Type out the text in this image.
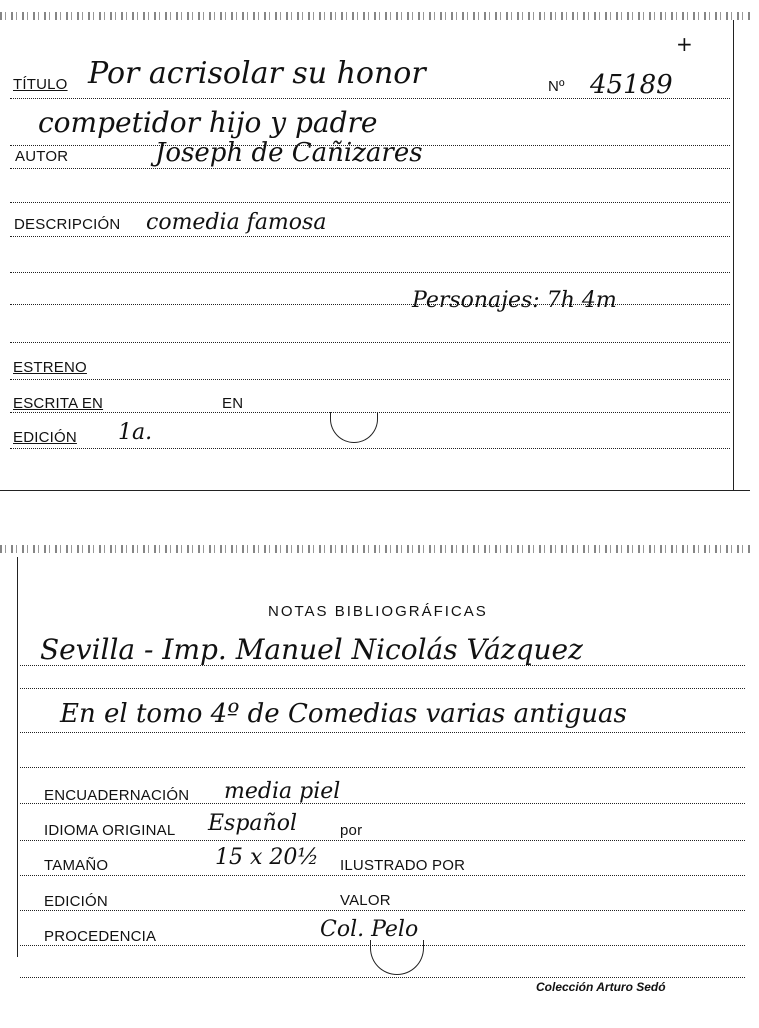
+
TÍTULO Por acrisolar su honor	Nº 45189
competidor hijo y padre
AUTOR	Joseph de Cañizares
DESCRIPCIÓN comedia famosa
Personajes: 7h 4m
ESTRENO
ESCRITA EN	EN
EDICIÓN 1a.
NOTAS BIBLIOGRÁFICAS
Sevilla - Imp. Manuel Nicolás Vázquez
En el tomo 4º de Comedias varias antiguas
ENCUADERNACIÓN media piel
IDIOMA ORIGINAL Español	por
TAMAÑO	15 x 20½ ILUSTRADO POR
EDICIÓN	VALOR
PROCEDENCIA	Col. Pelo
Colección Arturo Sedó
